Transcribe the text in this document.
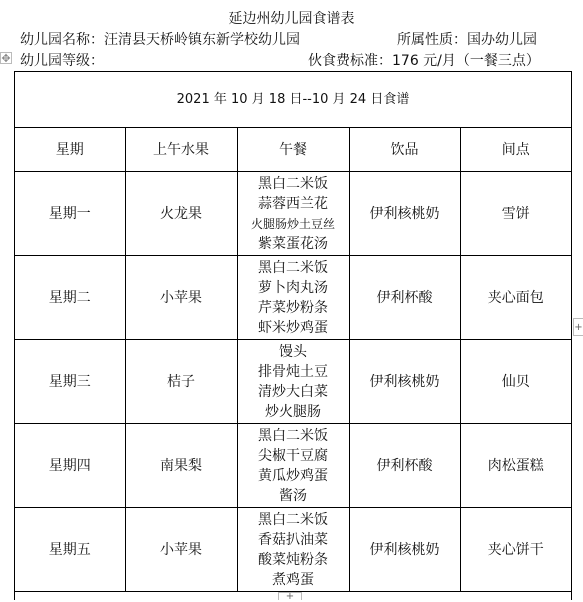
延边州幼儿园食谱表
幼儿园名称：汪清县天桥岭镇东新学校幼儿园	所属性质：国办幼儿园
幼儿园等级：	伙食费标准：176 元/月（一餐三点）
✥
2021 年 10 月 18 日--10 月 24 日食谱
星期	上午水果	午餐	饮品	间点
星期一	火龙果	黑白二米饭
蒜蓉西兰花
火腿肠炒土豆丝
紫菜蛋花汤	伊利核桃奶	雪饼
星期二	小苹果	黑白二米饭
萝卜肉丸汤
芹菜炒粉条
虾米炒鸡蛋	伊利杯酸	夹心面包
星期三	桔子	馒头
排骨炖土豆
清炒大白菜
炒火腿肠	伊利核桃奶	仙贝
星期四	南果梨	黑白二米饭
尖椒干豆腐
黄瓜炒鸡蛋
酱汤	伊利杯酸	肉松蛋糕
星期五	小苹果	黑白二米饭
香菇扒油菜
酸菜炖粉条
煮鸡蛋	伊利核桃奶	夹心饼干
+
+
